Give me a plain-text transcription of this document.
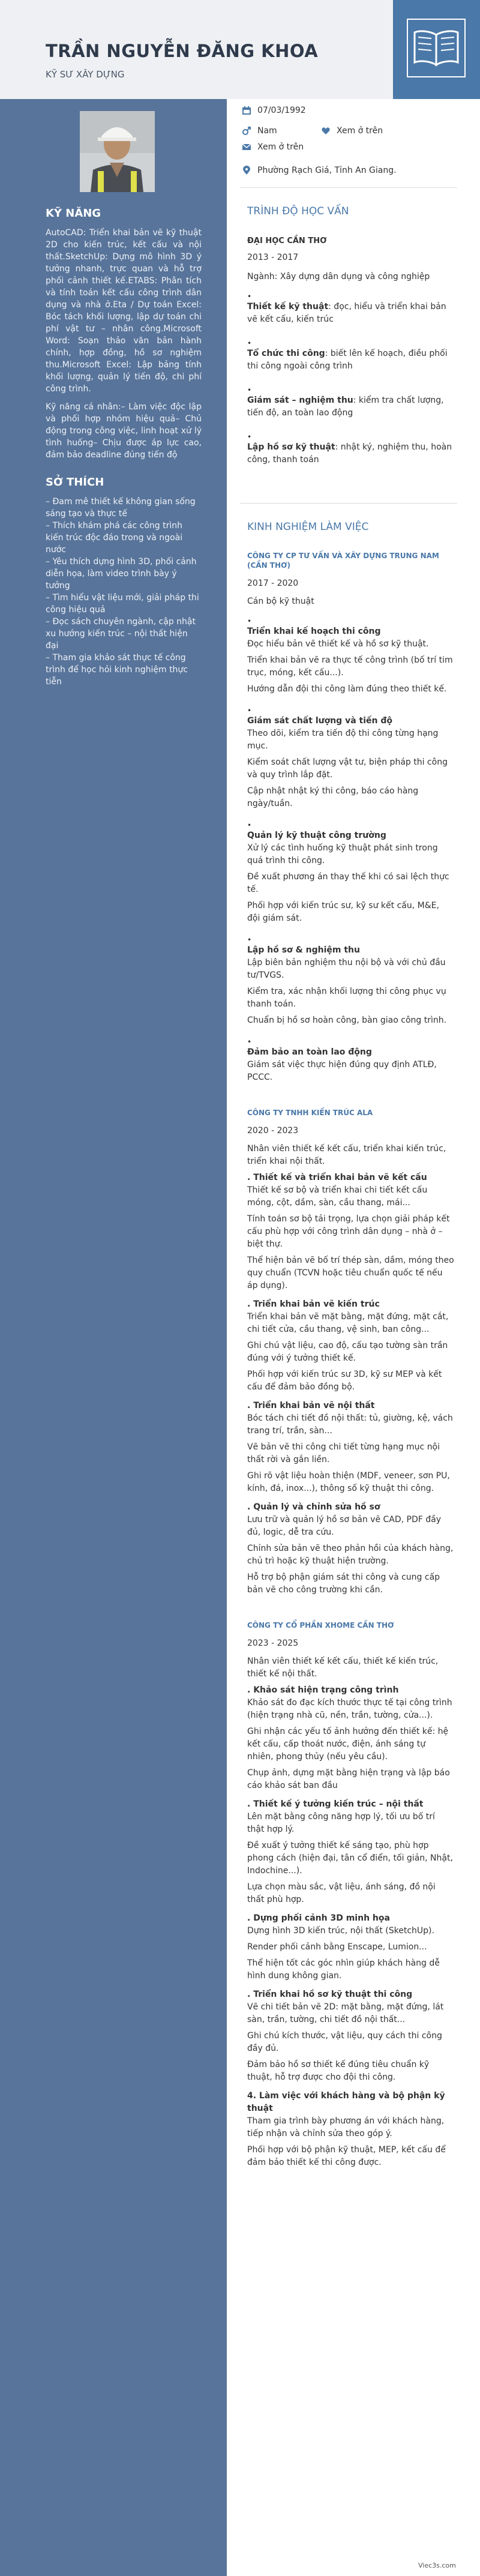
TRẦN NGUYỄN ĐĂNG KHOA
KỸ SƯ XÂY DỰNG
KỸ NĂNG

AutoCAD: Triển khai bản vẽ kỹ thuật 2D cho kiến trúc, kết cấu và nội thất.SketchUp: Dựng mô hình 3D ý tưởng nhanh, trực quan và hỗ trợ phối cảnh thiết kế.ETABS: Phân tích và tính toán kết cấu công trình dân dụng và nhà ở.Eta / Dự toán Excel: Bóc tách khối lượng, lập dự toán chi phí vật tư – nhân công.Microsoft Word: Soạn thảo văn bản hành chính, hợp đồng, hồ sơ nghiệm thu.Microsoft Excel: Lập bảng tính khối lượng, quản lý tiến độ, chi phí công trình.

Kỹ năng cá nhân:– Làm việc độc lập và phối hợp nhóm hiệu quả– Chủ động trong công việc, linh hoạt xử lý tình huống– Chịu được áp lực cao, đảm bảo deadline đúng tiến độ

SỞ THÍCH
– Đam mê thiết kế không gian sống sáng tạo và thực tế
– Thích khám phá các công trình kiến trúc độc đáo trong và ngoài nước
– Yêu thích dựng hình 3D, phối cảnh diễn họa, làm video trình bày ý tưởng
– Tìm hiểu vật liệu mới, giải pháp thi công hiệu quả
– Đọc sách chuyên ngành, cập nhật xu hướng kiến trúc – nội thất hiện đại
– Tham gia khảo sát thực tế công trình để học hỏi kinh nghiệm thực tiễn
07/03/1992
Nam	Xem ở trên
Xem ở trên
Phường Rạch Giá, Tỉnh An Giang.
TRÌNH ĐỘ HỌC VẤN
ĐẠI HỌC CẦN THƠ
2013 - 2017
Ngành: Xây dựng dân dụng và công nghiệp
•
Thiết kế kỹ thuật: đọc, hiểu và triển khai bản vẽ kết cấu, kiến trúc
•
Tổ chức thi công: biết lên kế hoạch, điều phối thi công ngoài công trình
•
Giám sát – nghiệm thu: kiểm tra chất lượng, tiến độ, an toàn lao động
•
Lập hồ sơ kỹ thuật: nhật ký, nghiệm thu, hoàn công, thanh toán
KINH NGHIỆM LÀM VIỆC
CÔNG TY CP TƯ VẤN VÀ XÂY DỰNG TRUNG NAM (CẦN THƠ)
2017 - 2020
Cán bộ kỹ thuật
•
Triển khai kế hoạch thi công
Đọc hiểu bản vẽ thiết kế và hồ sơ kỹ thuật.
Triển khai bản vẽ ra thực tế công trình (bố trí tim trục, móng, kết cấu...).
Hướng dẫn đội thi công làm đúng theo thiết kế.
•
Giám sát chất lượng và tiến độ
Theo dõi, kiểm tra tiến độ thi công từng hạng mục.
Kiểm soát chất lượng vật tư, biện pháp thi công và quy trình lắp đặt.
Cập nhật nhật ký thi công, báo cáo hàng ngày/tuần.
•
Quản lý kỹ thuật công trường
Xử lý các tình huống kỹ thuật phát sinh trong quá trình thi công.
Đề xuất phương án thay thế khi có sai lệch thực tế.
Phối hợp với kiến trúc sư, kỹ sư kết cấu, M&E, đội giám sát.
•
Lập hồ sơ & nghiệm thu
Lập biên bản nghiệm thu nội bộ và với chủ đầu tư/TVGS.
Kiểm tra, xác nhận khối lượng thi công phục vụ thanh toán.
Chuẩn bị hồ sơ hoàn công, bàn giao công trình.
•
Đảm bảo an toàn lao động
Giám sát việc thực hiện đúng quy định ATLĐ, PCCC.
CÔNG TY TNHH KIẾN TRÚC ALA
2020 - 2023
Nhân viên thiết kế kết cấu, triển khai kiến trúc, triển khai nội thất.
. Thiết kế và triển khai bản vẽ kết cấu
Thiết kế sơ bộ và triển khai chi tiết kết cấu móng, cột, dầm, sàn, cầu thang, mái...
Tính toán sơ bộ tải trọng, lựa chọn giải pháp kết cấu phù hợp với công trình dân dụng – nhà ở – biệt thự.
Thể hiện bản vẽ bố trí thép sàn, dầm, móng theo quy chuẩn (TCVN hoặc tiêu chuẩn quốc tế nếu áp dụng).
. Triển khai bản vẽ kiến trúc
Triển khai bản vẽ mặt bằng, mặt đứng, mặt cắt, chi tiết cửa, cầu thang, vệ sinh, ban công...
Ghi chú vật liệu, cao độ, cấu tạo tường sàn trần đúng với ý tưởng thiết kế.
Phối hợp với kiến trúc sư 3D, kỹ sư MEP và kết cấu để đảm bảo đồng bộ.
. Triển khai bản vẽ nội thất
Bóc tách chi tiết đồ nội thất: tủ, giường, kệ, vách trang trí, trần, sàn...
Vẽ bản vẽ thi công chi tiết từng hạng mục nội thất rời và gắn liền.
Ghi rõ vật liệu hoàn thiện (MDF, veneer, sơn PU, kính, đá, inox...), thông số kỹ thuật thi công.
. Quản lý và chỉnh sửa hồ sơ
Lưu trữ và quản lý hồ sơ bản vẽ CAD, PDF đầy đủ, logic, dễ tra cứu.
Chỉnh sửa bản vẽ theo phản hồi của khách hàng, chủ trì hoặc kỹ thuật hiện trường.
Hỗ trợ bộ phận giám sát thi công và cung cấp bản vẽ cho công trường khi cần.
CÔNG TY CỔ PHẦN XHOME CẦN THƠ
2023 - 2025
Nhân viên thiết kế kết cấu, thiết kế kiến trúc, thiết kế nội thất.
. Khảo sát hiện trạng công trình
Khảo sát đo đạc kích thước thực tế tại công trình (hiện trạng nhà cũ, nền, trần, tường, cửa...).
Ghi nhận các yếu tố ảnh hưởng đến thiết kế: hệ kết cấu, cấp thoát nước, điện, ánh sáng tự nhiên, phong thủy (nếu yêu cầu).
Chụp ảnh, dựng mặt bằng hiện trạng và lập báo cáo khảo sát ban đầu
. Thiết kế ý tưởng kiến trúc – nội thất
Lên mặt bằng công năng hợp lý, tối ưu bố trí thật hợp lý.
Đề xuất ý tưởng thiết kế sáng tạo, phù hợp phong cách (hiện đại, tân cổ điển, tối giản, Nhật, Indochine...).
Lựa chọn màu sắc, vật liệu, ánh sáng, đồ nội thất phù hợp.
. Dựng phối cảnh 3D minh họa
Dựng hình 3D kiến trúc, nội thất (SketchUp).
Render phối cảnh bằng Enscape, Lumion...
Thể hiện tốt các góc nhìn giúp khách hàng dễ hình dung không gian.
. Triển khai hồ sơ kỹ thuật thi công
Vẽ chi tiết bản vẽ 2D: mặt bằng, mặt đứng, lát sàn, trần, tường, chi tiết đồ nội thất...
Ghi chú kích thước, vật liệu, quy cách thi công đầy đủ.
Đảm bảo hồ sơ thiết kế đúng tiêu chuẩn kỹ thuật, hỗ trợ được cho đội thi công.
4. Làm việc với khách hàng và bộ phận kỹ thuật
Tham gia trình bày phương án với khách hàng, tiếp nhận và chỉnh sửa theo góp ý.
Phối hợp với bộ phận kỹ thuật, MEP, kết cấu để đảm bảo thiết kế thi công được.
Viec3s.com
